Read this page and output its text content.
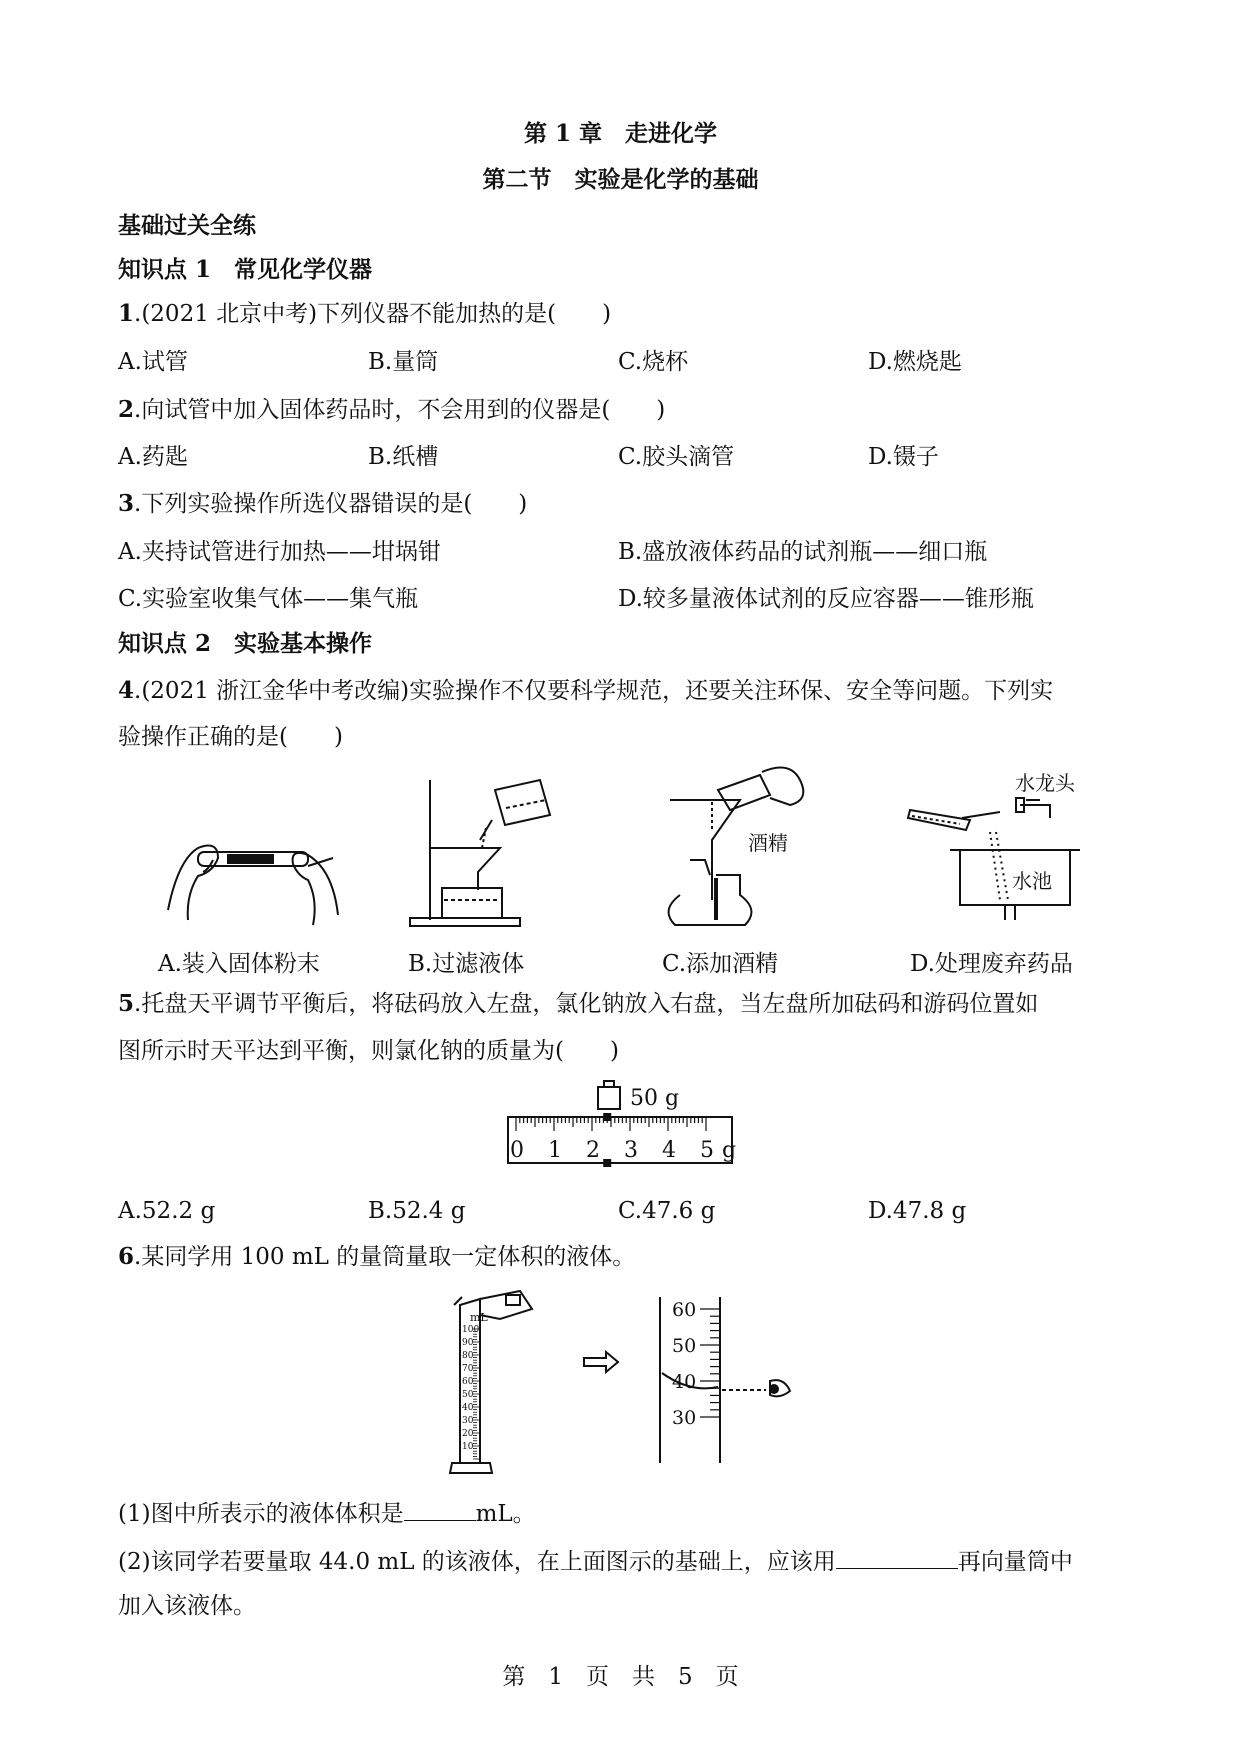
第 1 章　走进化学
第二节　实验是化学的基础
基础过关全练
知识点 1　常见化学仪器
1.(2021 北京中考)下列仪器不能加热的是(　　)
A.试管	B.量筒	C.烧杯	D.燃烧匙
2.向试管中加入固体药品时，不会用到的仪器是(　　)
A.药匙	B.纸槽	C.胶头滴管	D.镊子
3.下列实验操作所选仪器错误的是(　　)
A.夹持试管进行加热——坩埚钳	B.盛放液体药品的试剂瓶——细口瓶
C.实验室收集气体——集气瓶	D.较多量液体试剂的反应容器——锥形瓶
知识点 2　实验基本操作
4.(2021 浙江金华中考改编)实验操作不仅要科学规范，还要关注环保、安全等问题。下列实
验操作正确的是(　　)
酒精
水龙头
水池
A.装入固体粉末	B.过滤液体	C.添加酒精	D.处理废弃药品
5.托盘天平调节平衡后，将砝码放入左盘，氯化钠放入右盘，当左盘所加砝码和游码位置如
图所示时天平达到平衡，则氯化钠的质量为(　　)
50 g
0 1 2 3 4 5 g
A.52.2 g	B.52.4 g	C.47.6 g	D.47.8 g
6.某同学用 100 mL 的量筒量取一定体积的液体。
100
90
80
70
60
50
40
30
20
10
mL	60
50
40
30
(1)图中所表示的液体体积是	mL。
(2)该同学若要量取 44.0 mL 的该液体，在上面图示的基础上，应该用	再向量筒中
加入该液体。
第　1　页　共　5　页
